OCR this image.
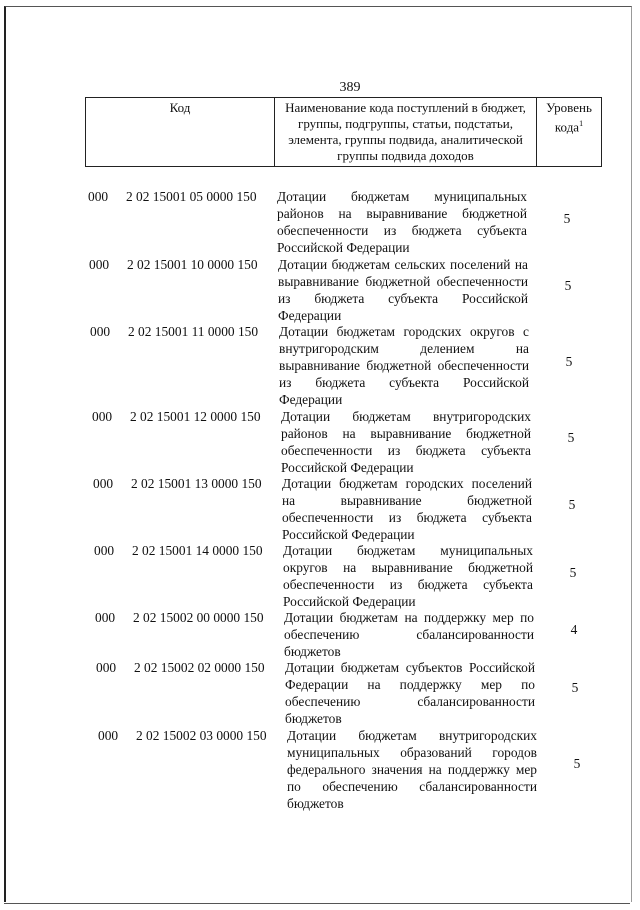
389
Код	Наименование кода поступлений в бюджет, группы, подгруппы, статьи, подстатьи, элемента, группы подвида, аналитической группы подвида доходов	Уровень кода$^1$
000 2 02 15001 05 0000 150 Дотации бюджетам муниципальных районов на выравнивание бюджетной обеспеченности из бюджета субъекта Российской Федерации
5
000 2 02 15001 10 0000 150 Дотации бюджетам сельских поселений на выравнивание бюджетной обеспеченности из бюджета субъекта Российской Федерации
5
000 2 02 15001 11 0000 150 Дотации бюджетам городских округов с внутригородским делением на выравнивание бюджетной обеспеченности из бюджета субъекта Российской Федерации
5
000 2 02 15001 12 0000 150 Дотации бюджетам внутригородских районов на выравнивание бюджетной обеспеченности из бюджета субъекта Российской Федерации
5
000 2 02 15001 13 0000 150 Дотации бюджетам городских поселений на выравнивание бюджетной обеспеченности из бюджета субъекта Российской Федерации
5
000 2 02 15001 14 0000 150 Дотации бюджетам муниципальных округов на выравнивание бюджетной обеспеченности из бюджета субъекта Российской Федерации
5
000 2 02 15002 00 0000 150 Дотации бюджетам на поддержку мер по обеспечению сбалансированности бюджетов
4
000 2 02 15002 02 0000 150 Дотации бюджетам субъектов Российской Федерации на поддержку мер по обеспечению сбалансированности бюджетов
5
000 2 02 15002 03 0000 150 Дотации бюджетам внутригородских муниципальных образований городов федерального значения на поддержку мер по обеспечению сбалансированности бюджетов
5
